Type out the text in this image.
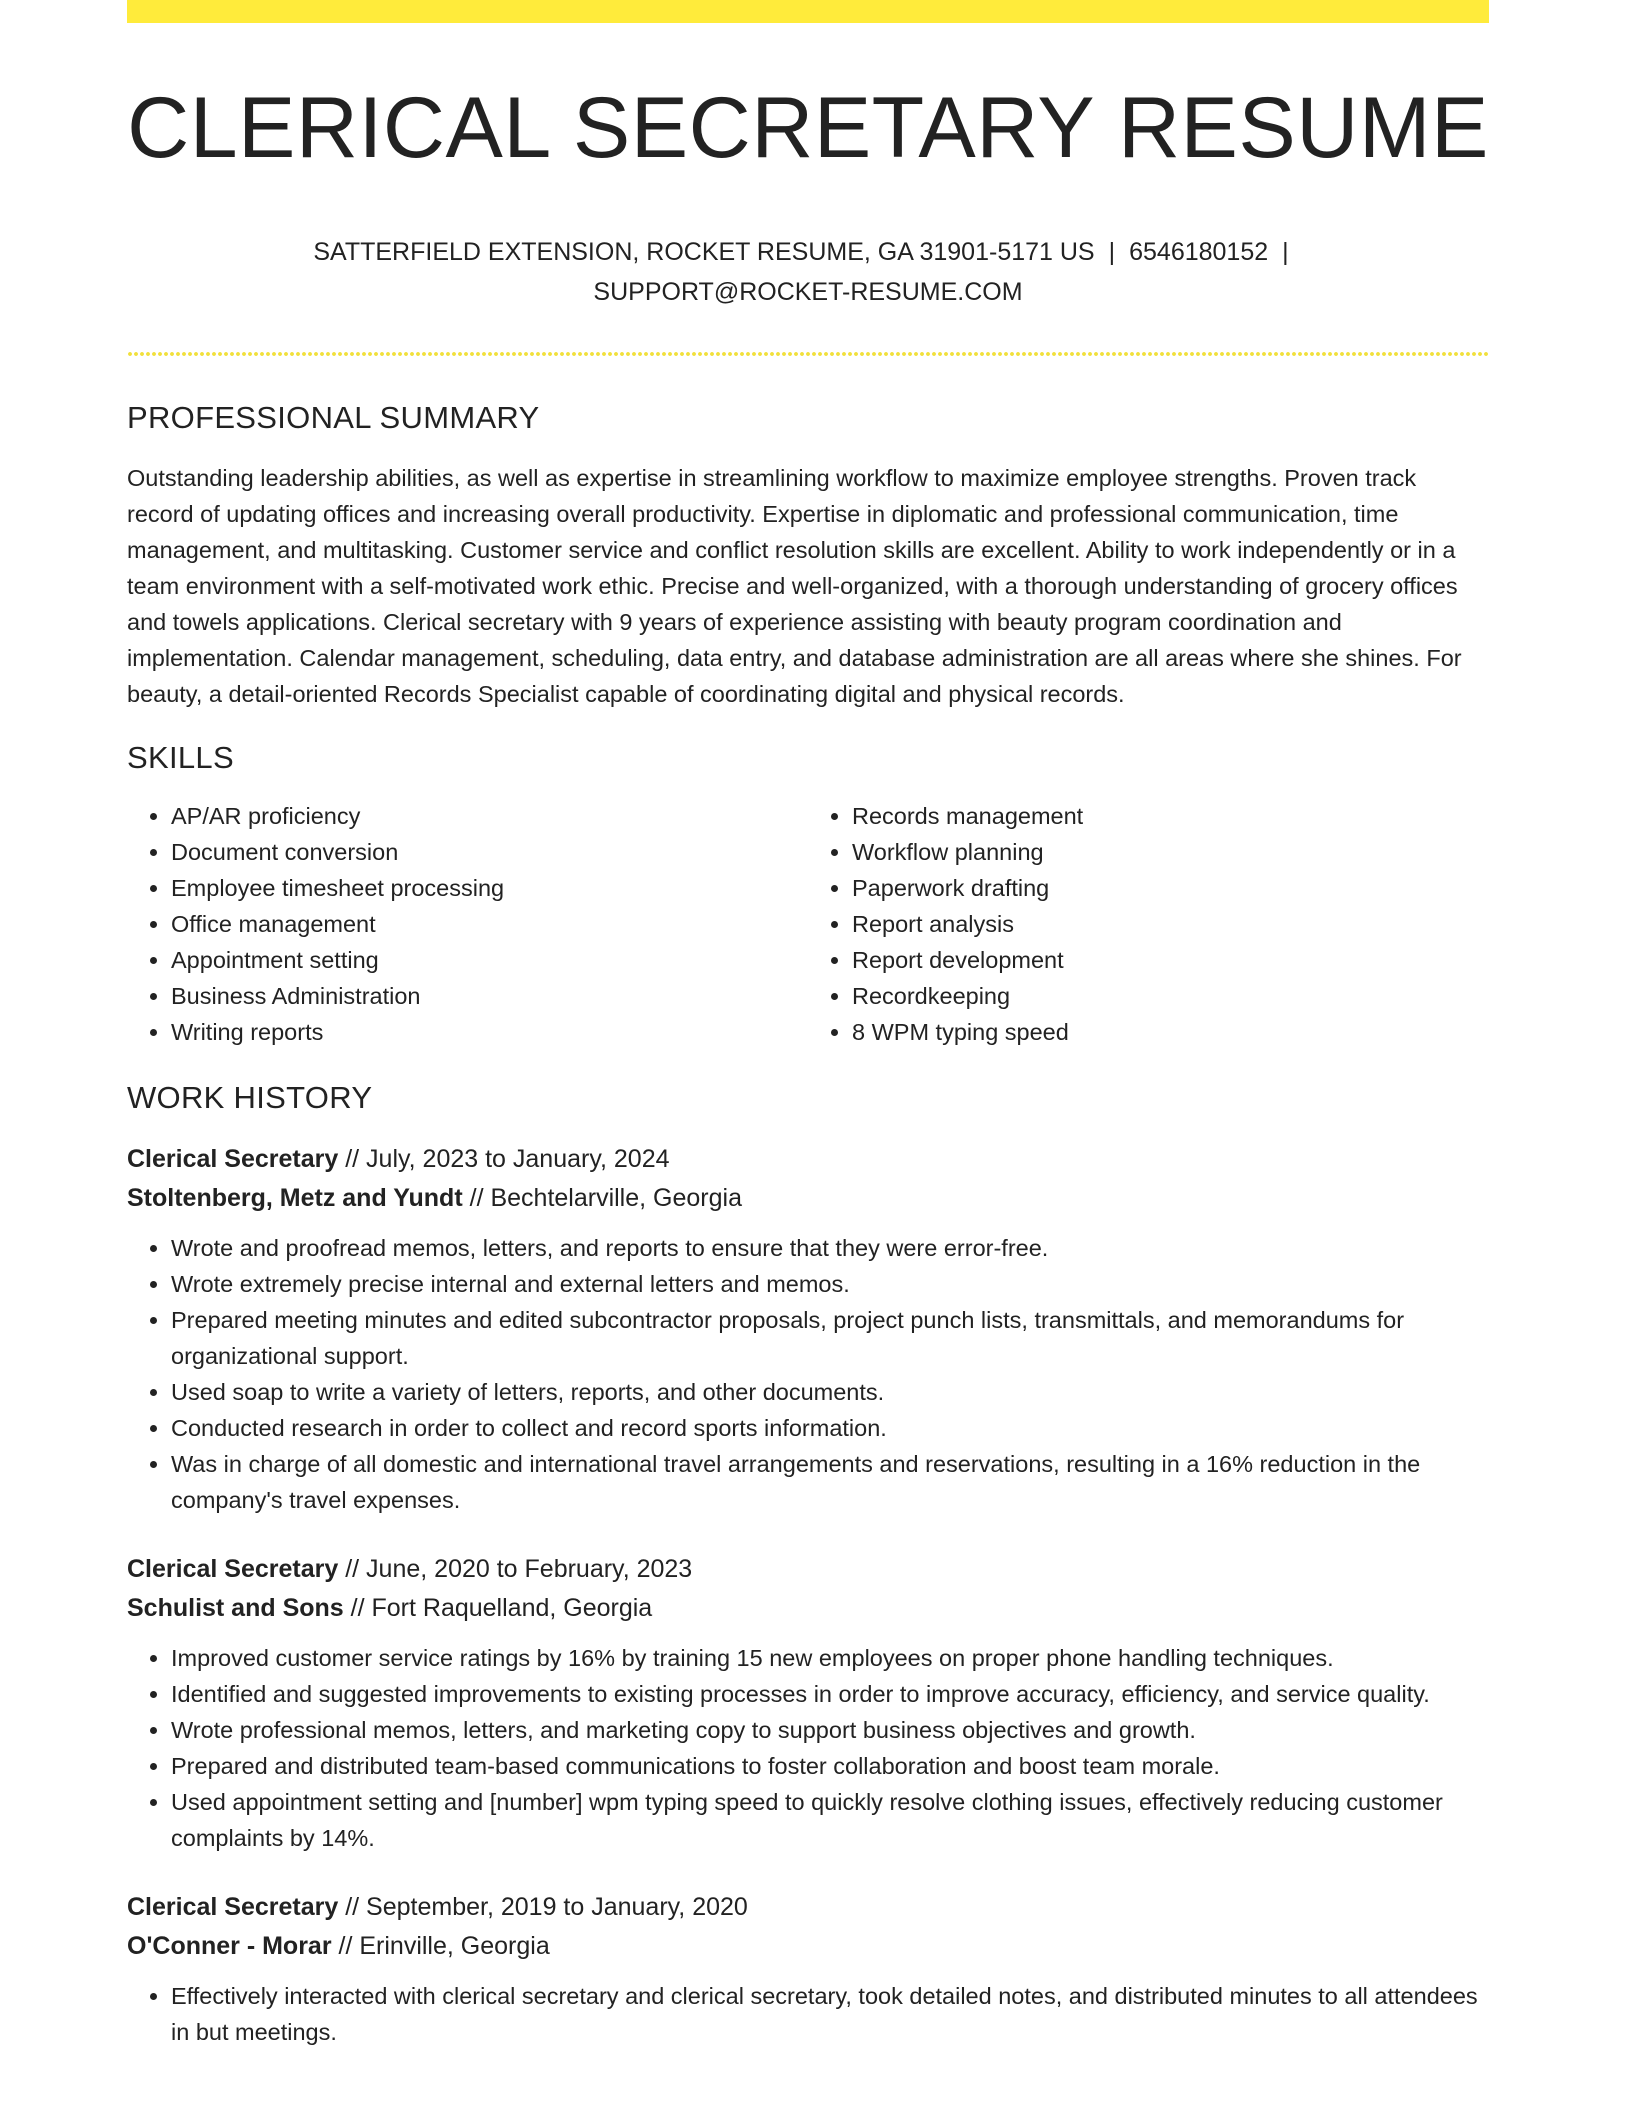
CLERICAL SECRETARY RESUME
SATTERFIELD EXTENSION, ROCKET RESUME, GA 31901-5171 US | 6546180152 |
SUPPORT@ROCKET-RESUME.COM
PROFESSIONAL SUMMARY

Outstanding leadership abilities, as well as expertise in streamlining workflow to maximize employee strengths. Proven track record of updating offices and increasing overall productivity. Expertise in diplomatic and professional communication, time management, and multitasking. Customer service and conflict resolution skills are excellent. Ability to work independently or in a team environment with a self-motivated work ethic. Precise and well-organized, with a thorough understanding of grocery offices and towels applications. Clerical secretary with 9 years of experience assisting with beauty program coordination and implementation. Calendar management, scheduling, data entry, and database administration are all areas where she shines. For beauty, a detail-oriented Records Specialist capable of coordinating digital and physical records.

SKILLS
• AP/AR proficiency
• Document conversion
• Employee timesheet processing
• Office management
• Appointment setting
• Business Administration
• Writing reports
• Records management
• Workflow planning
• Paperwork drafting
• Report analysis
• Report development
• Recordkeeping
• 8 WPM typing speed
WORK HISTORY
Clerical Secretary // July, 2023 to January, 2024
Stoltenberg, Metz and Yundt // Bechtelarville, Georgia
• Wrote and proofread memos, letters, and reports to ensure that they were error-free.
• Wrote extremely precise internal and external letters and memos.
• Prepared meeting minutes and edited subcontractor proposals, project punch lists, transmittals, and memorandums for organizational support.
• Used soap to write a variety of letters, reports, and other documents.
• Conducted research in order to collect and record sports information.
• Was in charge of all domestic and international travel arrangements and reservations, resulting in a 16% reduction in the company's travel expenses.
Clerical Secretary // June, 2020 to February, 2023
Schulist and Sons // Fort Raquelland, Georgia
• Improved customer service ratings by 16% by training 15 new employees on proper phone handling techniques.
• Identified and suggested improvements to existing processes in order to improve accuracy, efficiency, and service quality.
• Wrote professional memos, letters, and marketing copy to support business objectives and growth.
• Prepared and distributed team-based communications to foster collaboration and boost team morale.
• Used appointment setting and [number] wpm typing speed to quickly resolve clothing issues, effectively reducing customer complaints by 14%.
Clerical Secretary // September, 2019 to January, 2020
O'Conner - Morar // Erinville, Georgia
• Effectively interacted with clerical secretary and clerical secretary, took detailed notes, and distributed minutes to all attendees in but meetings.
